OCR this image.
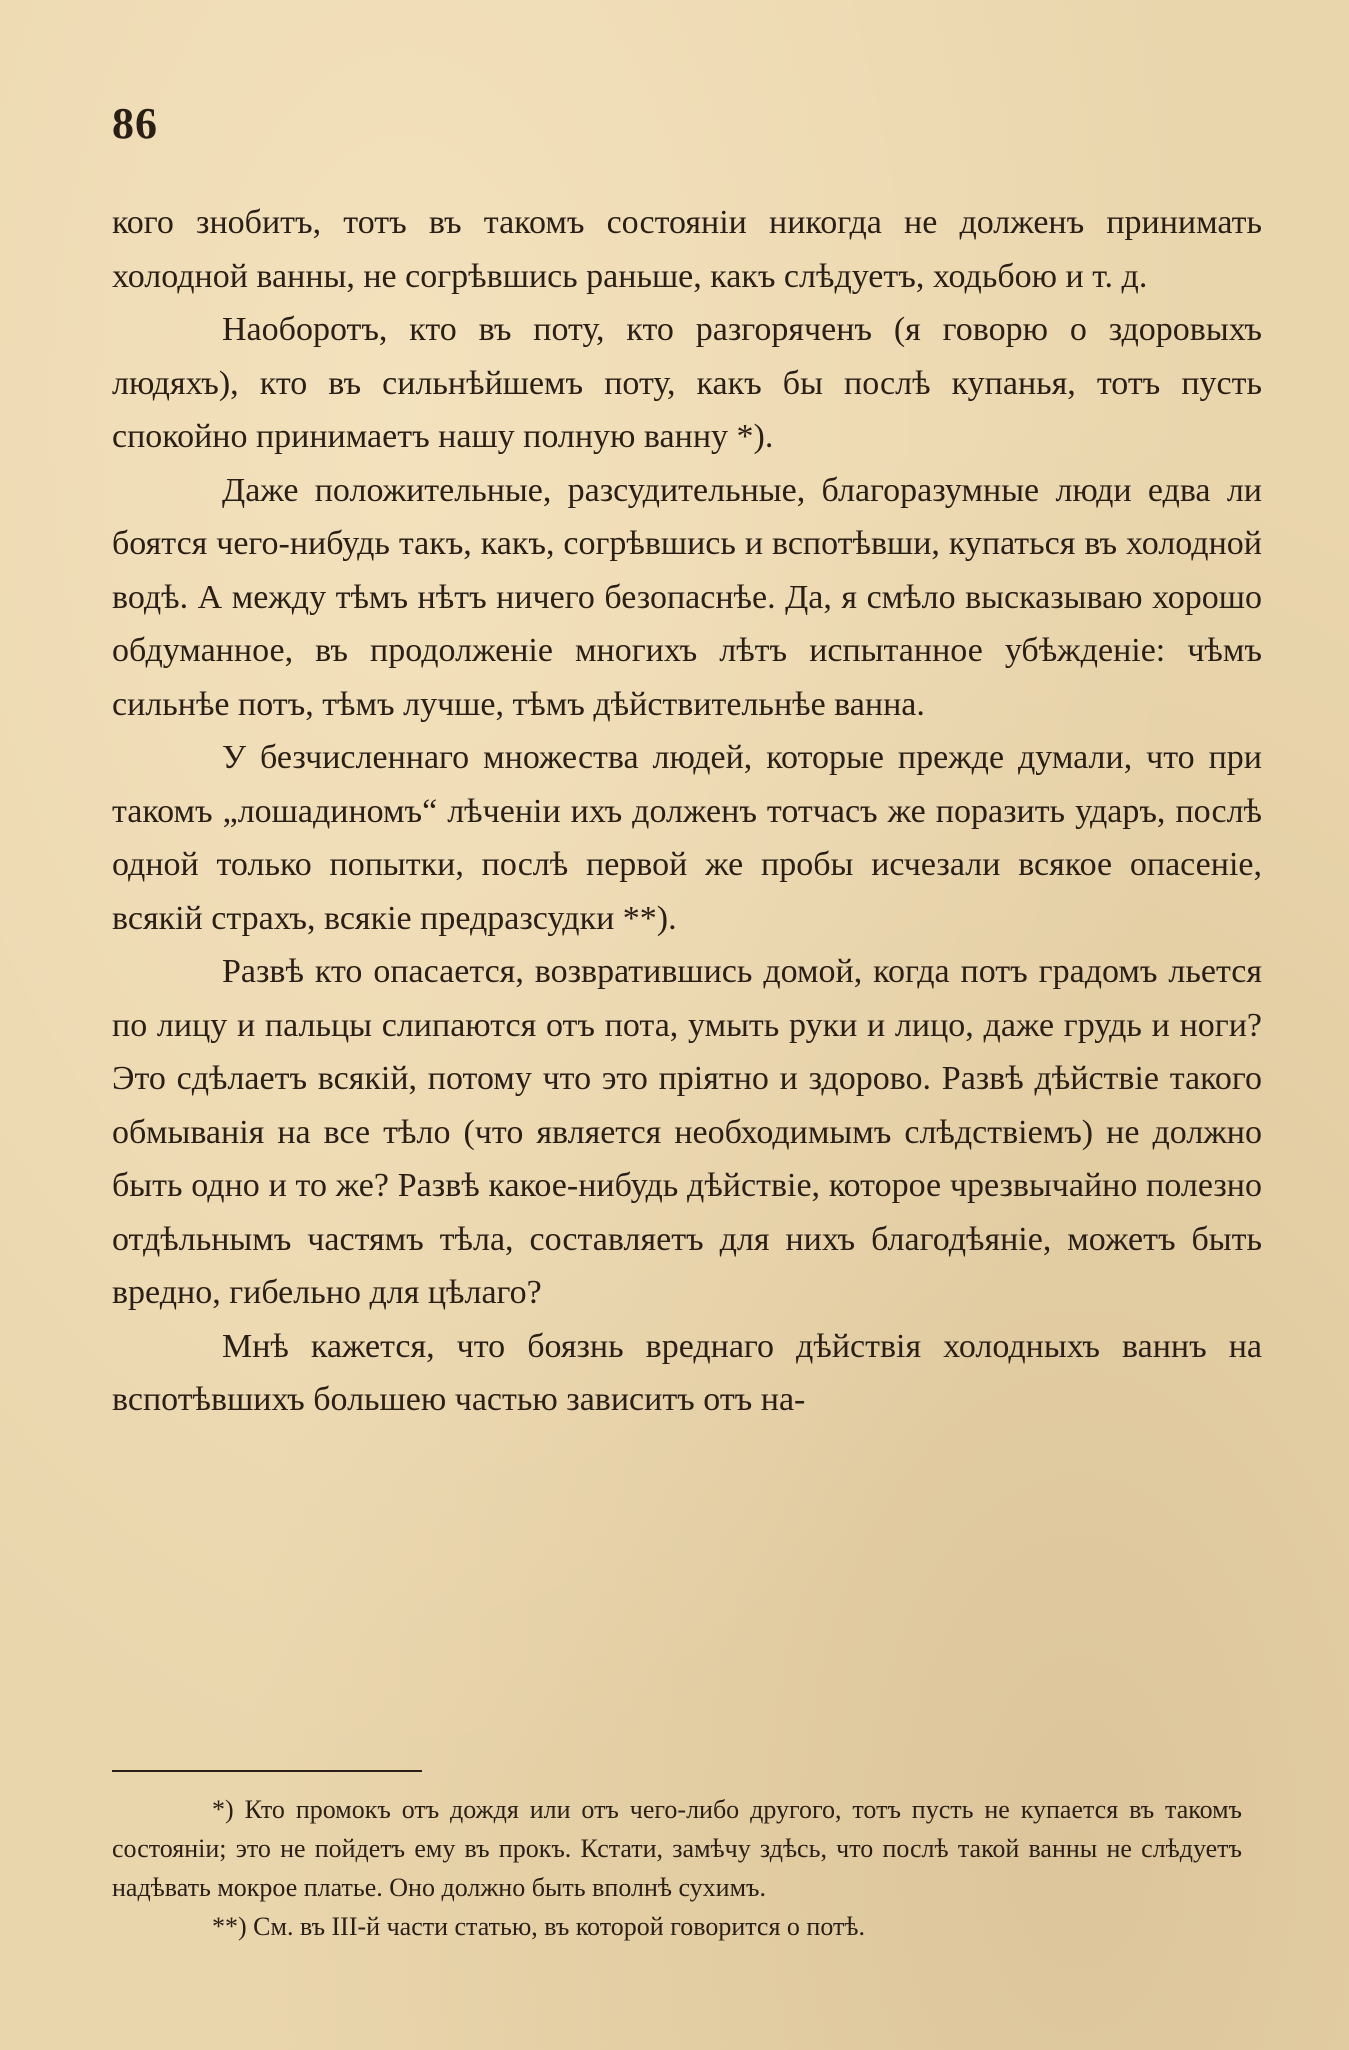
86

кого знобитъ, тотъ въ такомъ состояніи никогда не долженъ принимать холодной ванны, не согрѣвшись раньше, какъ слѣдуетъ, ходьбою и т. д.

Наоборотъ, кто въ поту, кто разгоряченъ (я говорю о здоровыхъ людяхъ), кто въ сильнѣйшемъ поту, какъ бы послѣ купанья, тотъ пусть спокойно принимаетъ нашу полную ванну *).

Даже положительные, разсудительные, благоразумные люди едва ли боятся чего-нибудь такъ, какъ, согрѣвшись и вспотѣвши, купаться въ холодной водѣ. А между тѣмъ нѣтъ ничего безопаснѣе. Да, я смѣло высказываю хорошо обдуманное, въ продолженіе многихъ лѣтъ испытанное убѣжденіе: чѣмъ сильнѣе потъ, тѣмъ лучше, тѣмъ дѣйствительнѣе ванна.

У безчисленнаго множества людей, которые прежде думали, что при такомъ „лошадиномъ“ лѣченіи ихъ долженъ тотчасъ же поразить ударъ, послѣ одной только попытки, послѣ первой же пробы исчезали всякое опасеніе, всякій страхъ, всякіе предразсудки **).

Развѣ кто опасается, возвратившись домой, когда потъ градомъ льется по лицу и пальцы слипаются отъ пота, умыть руки и лицо, даже грудь и ноги? Это сдѣлаетъ всякій, потому что это пріятно и здорово. Развѣ дѣйствіе такого обмыванія на все тѣло (что является необходимымъ слѣдствіемъ) не должно быть одно и то же? Развѣ какое-нибудь дѣйствіе, которое чрезвычайно полезно отдѣльнымъ частямъ тѣла, составляетъ для нихъ благодѣяніе, можетъ быть вредно, гибельно для цѣлаго?

Мнѣ кажется, что боязнь вреднаго дѣйствія холодныхъ ваннъ на вспотѣвшихъ большею частью зависитъ отъ на-

*) Кто промокъ отъ дождя или отъ чего-либо другого, тотъ пусть не купается въ такомъ состояніи; это не пойдетъ ему въ прокъ. Кстати, замѣчу здѣсь, что послѣ такой ванны не слѣдуетъ надѣвать мокрое платье. Оно должно быть вполнѣ сухимъ.

**) См. въ III-й части статью, въ которой говорится о потѣ.
